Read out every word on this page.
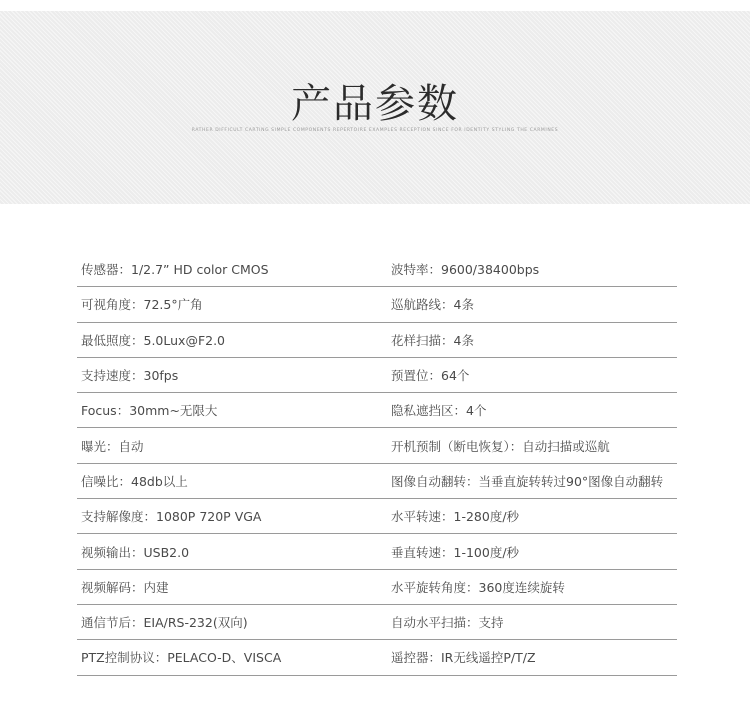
产品参数
RATHER DIFFICULT CARTING SIMPLE COMPONENTS REPERTOIRE EXAMPLES RECEPTION SINCE FOR IDENTITY STYLING THE CARMINES
传感器：1/2.7” HD color CMOS	波特率：9600/38400bps
可视角度：72.5°广角	巡航路线：4条
最低照度：5.0Lux@F2.0	花样扫描：4条
支持速度：30fps	预置位：64个
Focus：30mm~无限大	隐私遮挡区：4个
曝光：自动	开机预制（断电恢复）：自动扫描或巡航
信噪比：48db以上	图像自动翻转：当垂直旋转转过90°图像自动翻转
支持解像度：1080P 720P VGA	水平转速：1-280度/秒
视频输出：USB2.0	垂直转速：1-100度/秒
视频解码：内建	水平旋转角度：360度连续旋转
通信节后：EIA/RS-232(双向)	自动水平扫描：支持
PTZ控制协议：PELACO-D、VISCA	遥控器：IR无线遥控P/T/Z
